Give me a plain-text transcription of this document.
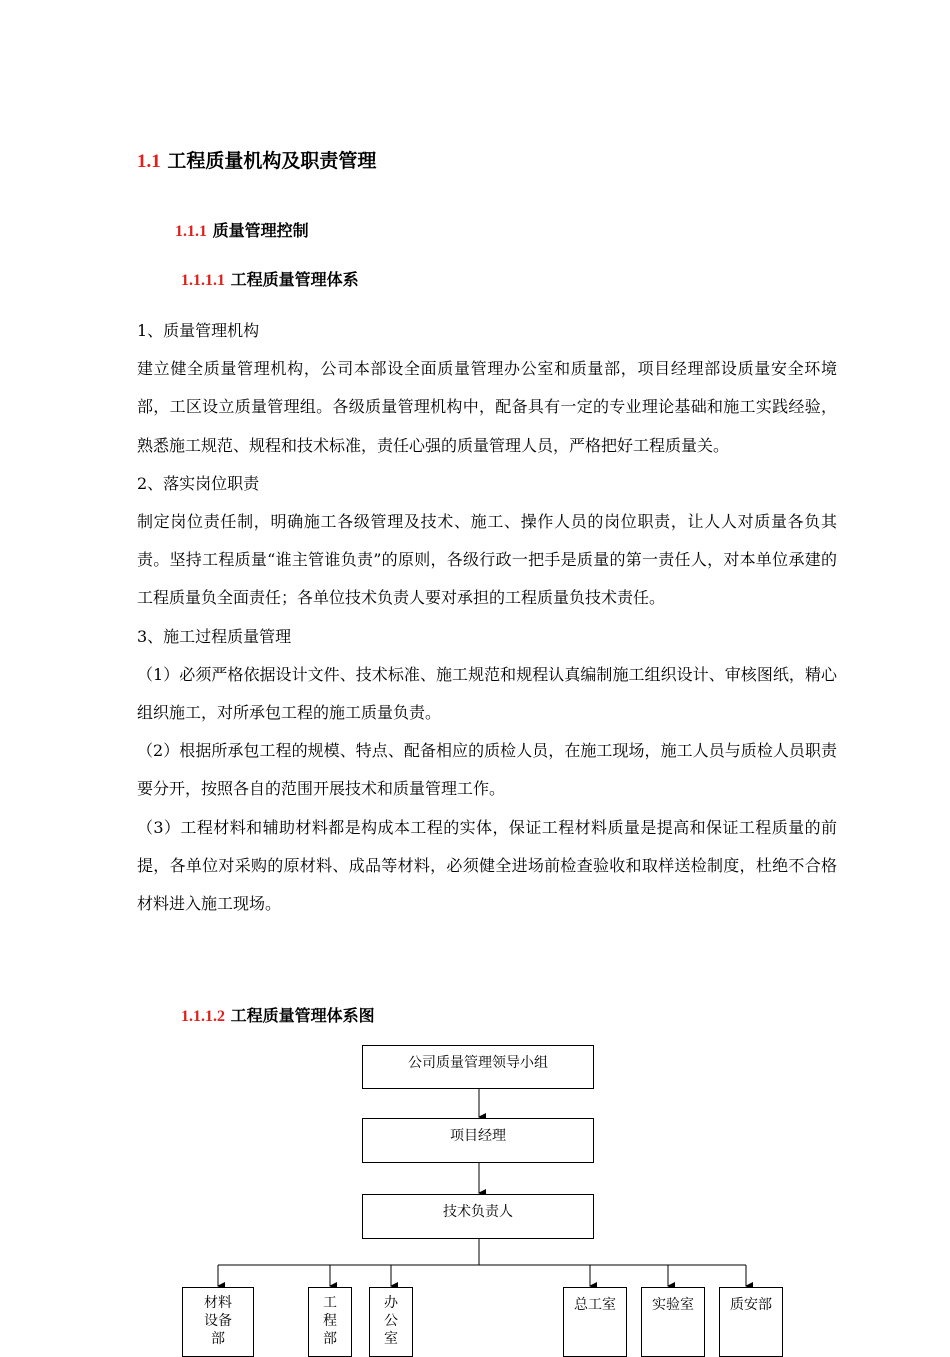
1.1 工程质量机构及职责管理
1.1.1 质量管理控制
1.1.1.1 工程质量管理体系

1、质量管理机构

建立健全质量管理机构，公司本部设全面质量管理办公室和质量部，项目经理部设质量安全环境部，工区设立质量管理组。各级质量管理机构中，配备具有一定的专业理论基础和施工实践经验，熟悉施工规范、规程和技术标准，责任心强的质量管理人员，严格把好工程质量关。

2、落实岗位职责

制定岗位责任制，明确施工各级管理及技术、施工、操作人员的岗位职责，让人人对质量各负其责。坚持工程质量“谁主管谁负责”的原则，各级行政一把手是质量的第一责任人，对本单位承建的工程质量负全面责任；各单位技术负责人要对承担的工程质量负技术责任。

3、施工过程质量管理

（1）必须严格依据设计文件、技术标准、施工规范和规程认真编制施工组织设计、审核图纸，精心组织施工，对所承包工程的施工质量负责。

（2）根据所承包工程的规模、特点、配备相应的质检人员，在施工现场，施工人员与质检人员职责要分开，按照各自的范围开展技术和质量管理工作。

（3）工程材料和辅助材料都是构成本工程的实体，保证工程材料质量是提高和保证工程质量的前提，各单位对采购的原材料、成品等材料，必须健全进场前检查验收和取样送检制度，杜绝不合格材料进入施工现场。

1.1.1.2 工程质量管理体系图
公司质量管理领导小组
项目经理
技术负责人
材料设备部
工程部
办公室
总工室	实验室	质安部
